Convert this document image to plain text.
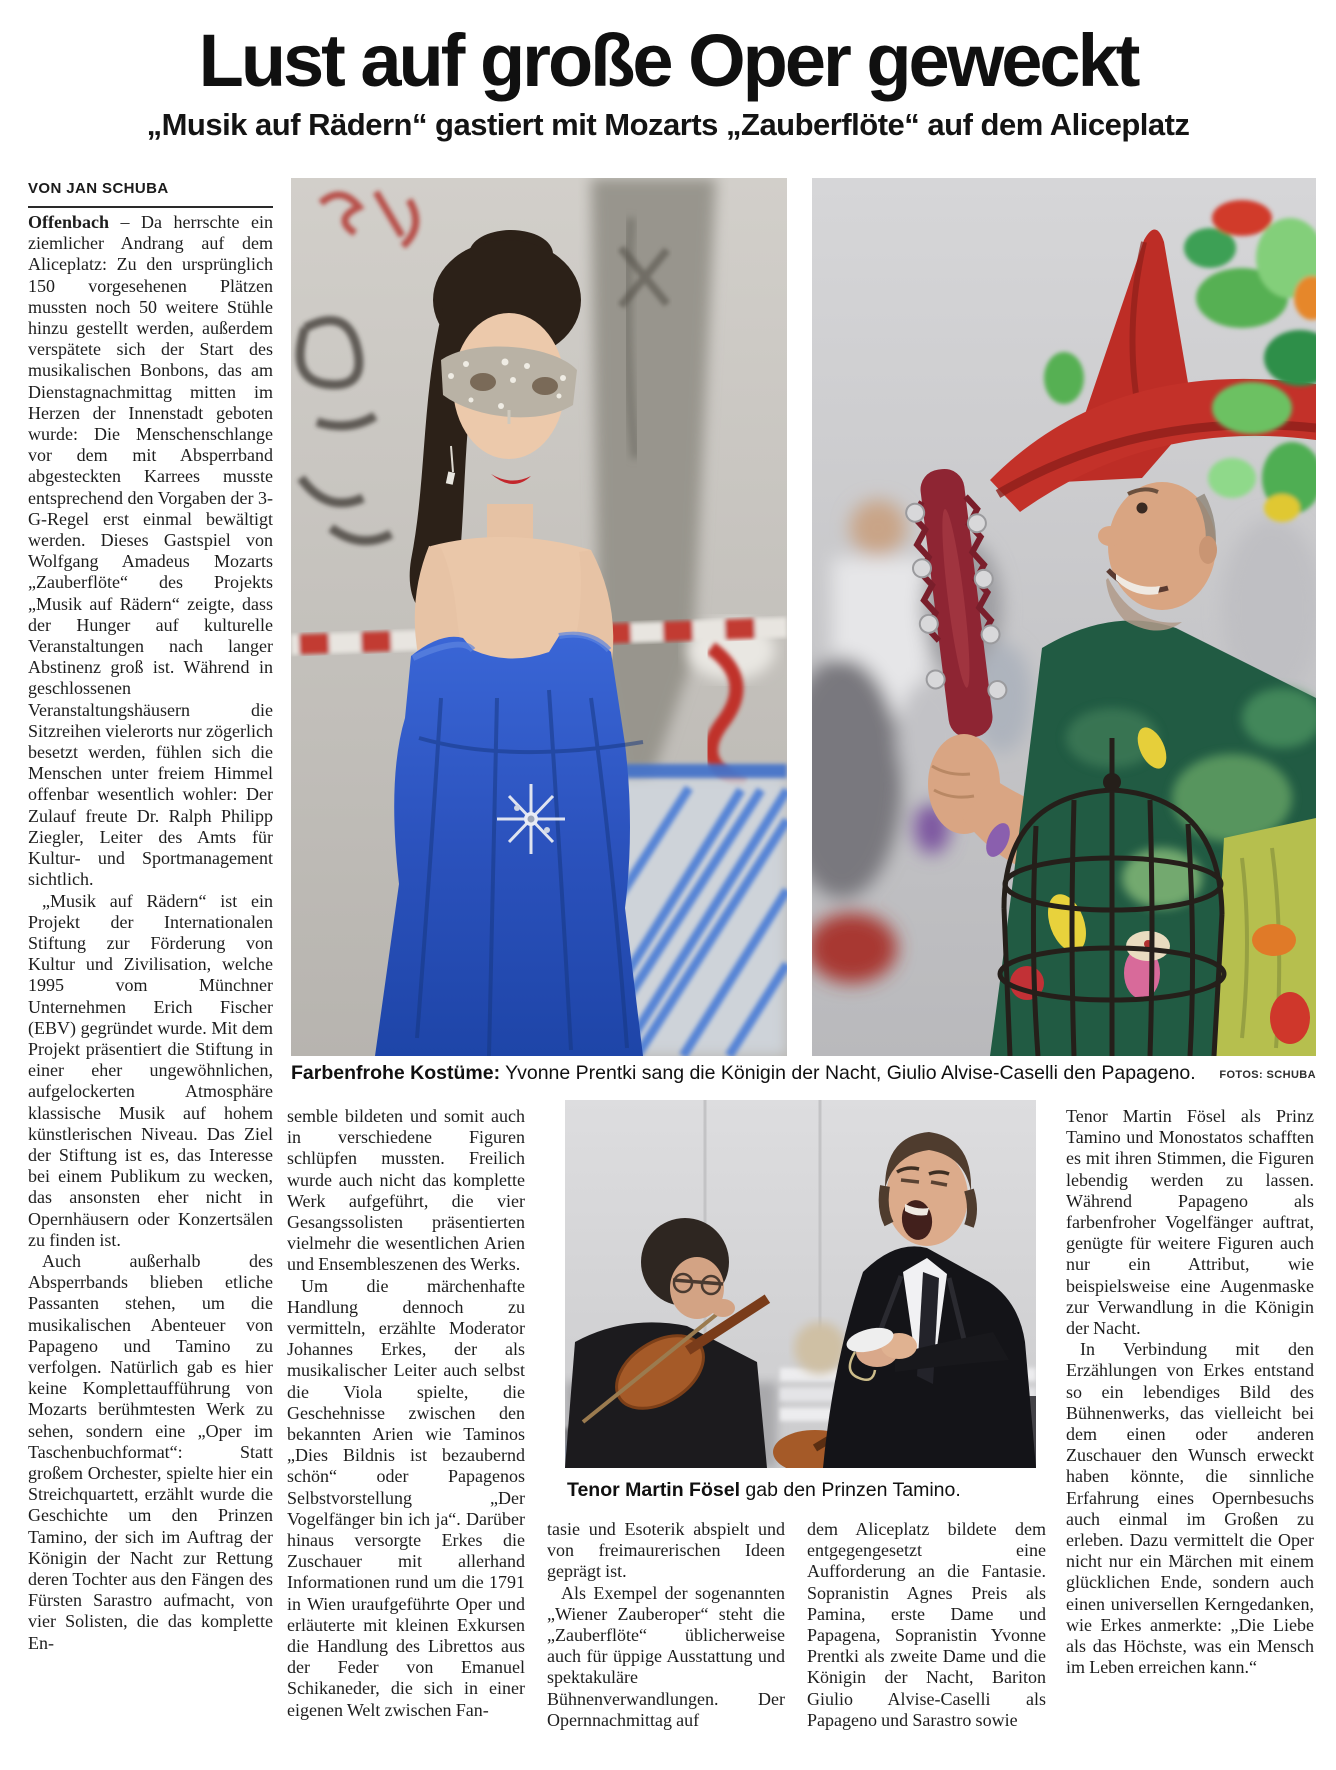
Lust auf große Oper geweckt
„Musik auf Rädern“ gastiert mit Mozarts „Zauberflöte“ auf dem Aliceplatz
VON JAN SCHUBA

Offenbach – Da herrschte ein ziemlicher Andrang auf dem Aliceplatz: Zu den ursprünglich 150 vorgesehenen Plätzen mussten noch 50 weitere Stühle hinzu gestellt werden, außerdem verspätete sich der Start des musikalischen Bonbons, das am Dienstagnachmittag mitten im Herzen der Innenstadt geboten wurde: Die Menschenschlange vor dem mit Absperrband abgesteckten Karrees musste entsprechend den Vorgaben der 3-G-Regel erst einmal bewältigt werden. Dieses Gastspiel von Wolfgang Amadeus Mozarts „Zauberflöte“ des Projekts „Musik auf Rädern“ zeigte, dass der Hunger auf kulturelle Veranstaltungen nach langer Abstinenz groß ist. Während in geschlossenen Veranstaltungshäusern die Sitzreihen vielerorts nur zögerlich besetzt werden, fühlen sich die Menschen unter freiem Himmel offenbar wesentlich wohler: Der Zulauf freute Dr. Ralph Philipp Ziegler, Leiter des Amts für Kultur- und Sportmanagement sichtlich.

„Musik auf Rädern“ ist ein Projekt der Internationalen Stiftung zur Förderung von Kultur und Zivilisation, welche 1995 vom Münchner Unternehmen Erich Fischer (EBV) gegründet wurde. Mit dem Projekt präsentiert die Stiftung in einer eher ungewöhnlichen, aufgelockerten Atmosphäre klassische Musik auf hohem künstlerischen Niveau. Das Ziel der Stiftung ist es, das Interesse bei einem Publikum zu wecken, das ansonsten eher nicht in Opernhäusern oder Konzertsälen zu finden ist.

Auch außerhalb des Absperrbands blieben etliche Passanten stehen, um die musikalischen Abenteuer von Papageno und Tamino zu verfolgen. Natürlich gab es hier keine Komplettaufführung von Mozarts berühmtesten Werk zu sehen, sondern eine „Oper im Taschenbuchformat“: Statt großem Orchester, spielte hier ein Streichquartett, erzählt wurde die Geschichte um den Prinzen Tamino, der sich im Auftrag der Königin der Nacht zur Rettung deren Tochter aus den Fängen des Fürsten Sarastro aufmacht, von vier Solisten, die das komplette En-

FOTOS: SCHUBA
Farbenfrohe Kostüme: Yvonne Prentki sang die Königin der Nacht, Giulio Alvise-Caselli den Papageno.

semble bildeten und somit auch in verschiedene Figuren schlüpfen mussten. Freilich wurde auch nicht das komplette Werk aufgeführt, die vier Gesangssolisten präsentierten vielmehr die wesentlichen Arien und Ensembleszenen des Werks.

Um die märchenhafte Handlung dennoch zu vermitteln, erzählte Moderator Johannes Erkes, der als musikalischer Leiter auch selbst die Viola spielte, die Geschehnisse zwischen den bekannten Arien wie Taminos „Dies Bildnis ist bezaubernd schön“ oder Papagenos Selbstvorstellung „Der Vogelfänger bin ich ja“. Darüber hinaus versorgte Erkes die Zuschauer mit allerhand Informationen rund um die 1791 in Wien uraufgeführte Oper und erläuterte mit kleinen Exkursen die Handlung des Librettos aus der Feder von Emanuel Schikaneder, die sich in einer eigenen Welt zwischen Fan-

Tenor Martin Fösel gab den Prinzen Tamino.

tasie und Esoterik abspielt und von freimaurerischen Ideen geprägt ist.

Als Exempel der sogenannten „Wiener Zauberoper“ steht die „Zauberflöte“ üblicherweise auch für üppige Ausstattung und spektakuläre Bühnenverwandlungen. Der Opernnachmittag auf

dem Aliceplatz bildete dem entgegengesetzt eine Aufforderung an die Fantasie. Sopranistin Agnes Preis als Pamina, erste Dame und Papagena, Sopranistin Yvonne Prentki als zweite Dame und die Königin der Nacht, Bariton Giulio Alvise-Caselli als Papageno und Sarastro sowie

Tenor Martin Fösel als Prinz Tamino und Monostatos schafften es mit ihren Stimmen, die Figuren lebendig werden zu lassen. Während Papageno als farbenfroher Vogelfänger auftrat, genügte für weitere Figuren auch nur ein Attribut, wie beispielsweise eine Augenmaske zur Verwandlung in die Königin der Nacht.

In Verbindung mit den Erzählungen von Erkes entstand so ein lebendiges Bild des Bühnenwerks, das vielleicht bei dem einen oder anderen Zuschauer den Wunsch erweckt haben könnte, die sinnliche Erfahrung eines Opernbesuchs auch einmal im Großen zu erleben. Dazu vermittelt die Oper nicht nur ein Märchen mit einem glücklichen Ende, sondern auch einen universellen Kerngedanken, wie Erkes anmerkte: „Die Liebe als das Höchste, was ein Mensch im Leben erreichen kann.“
